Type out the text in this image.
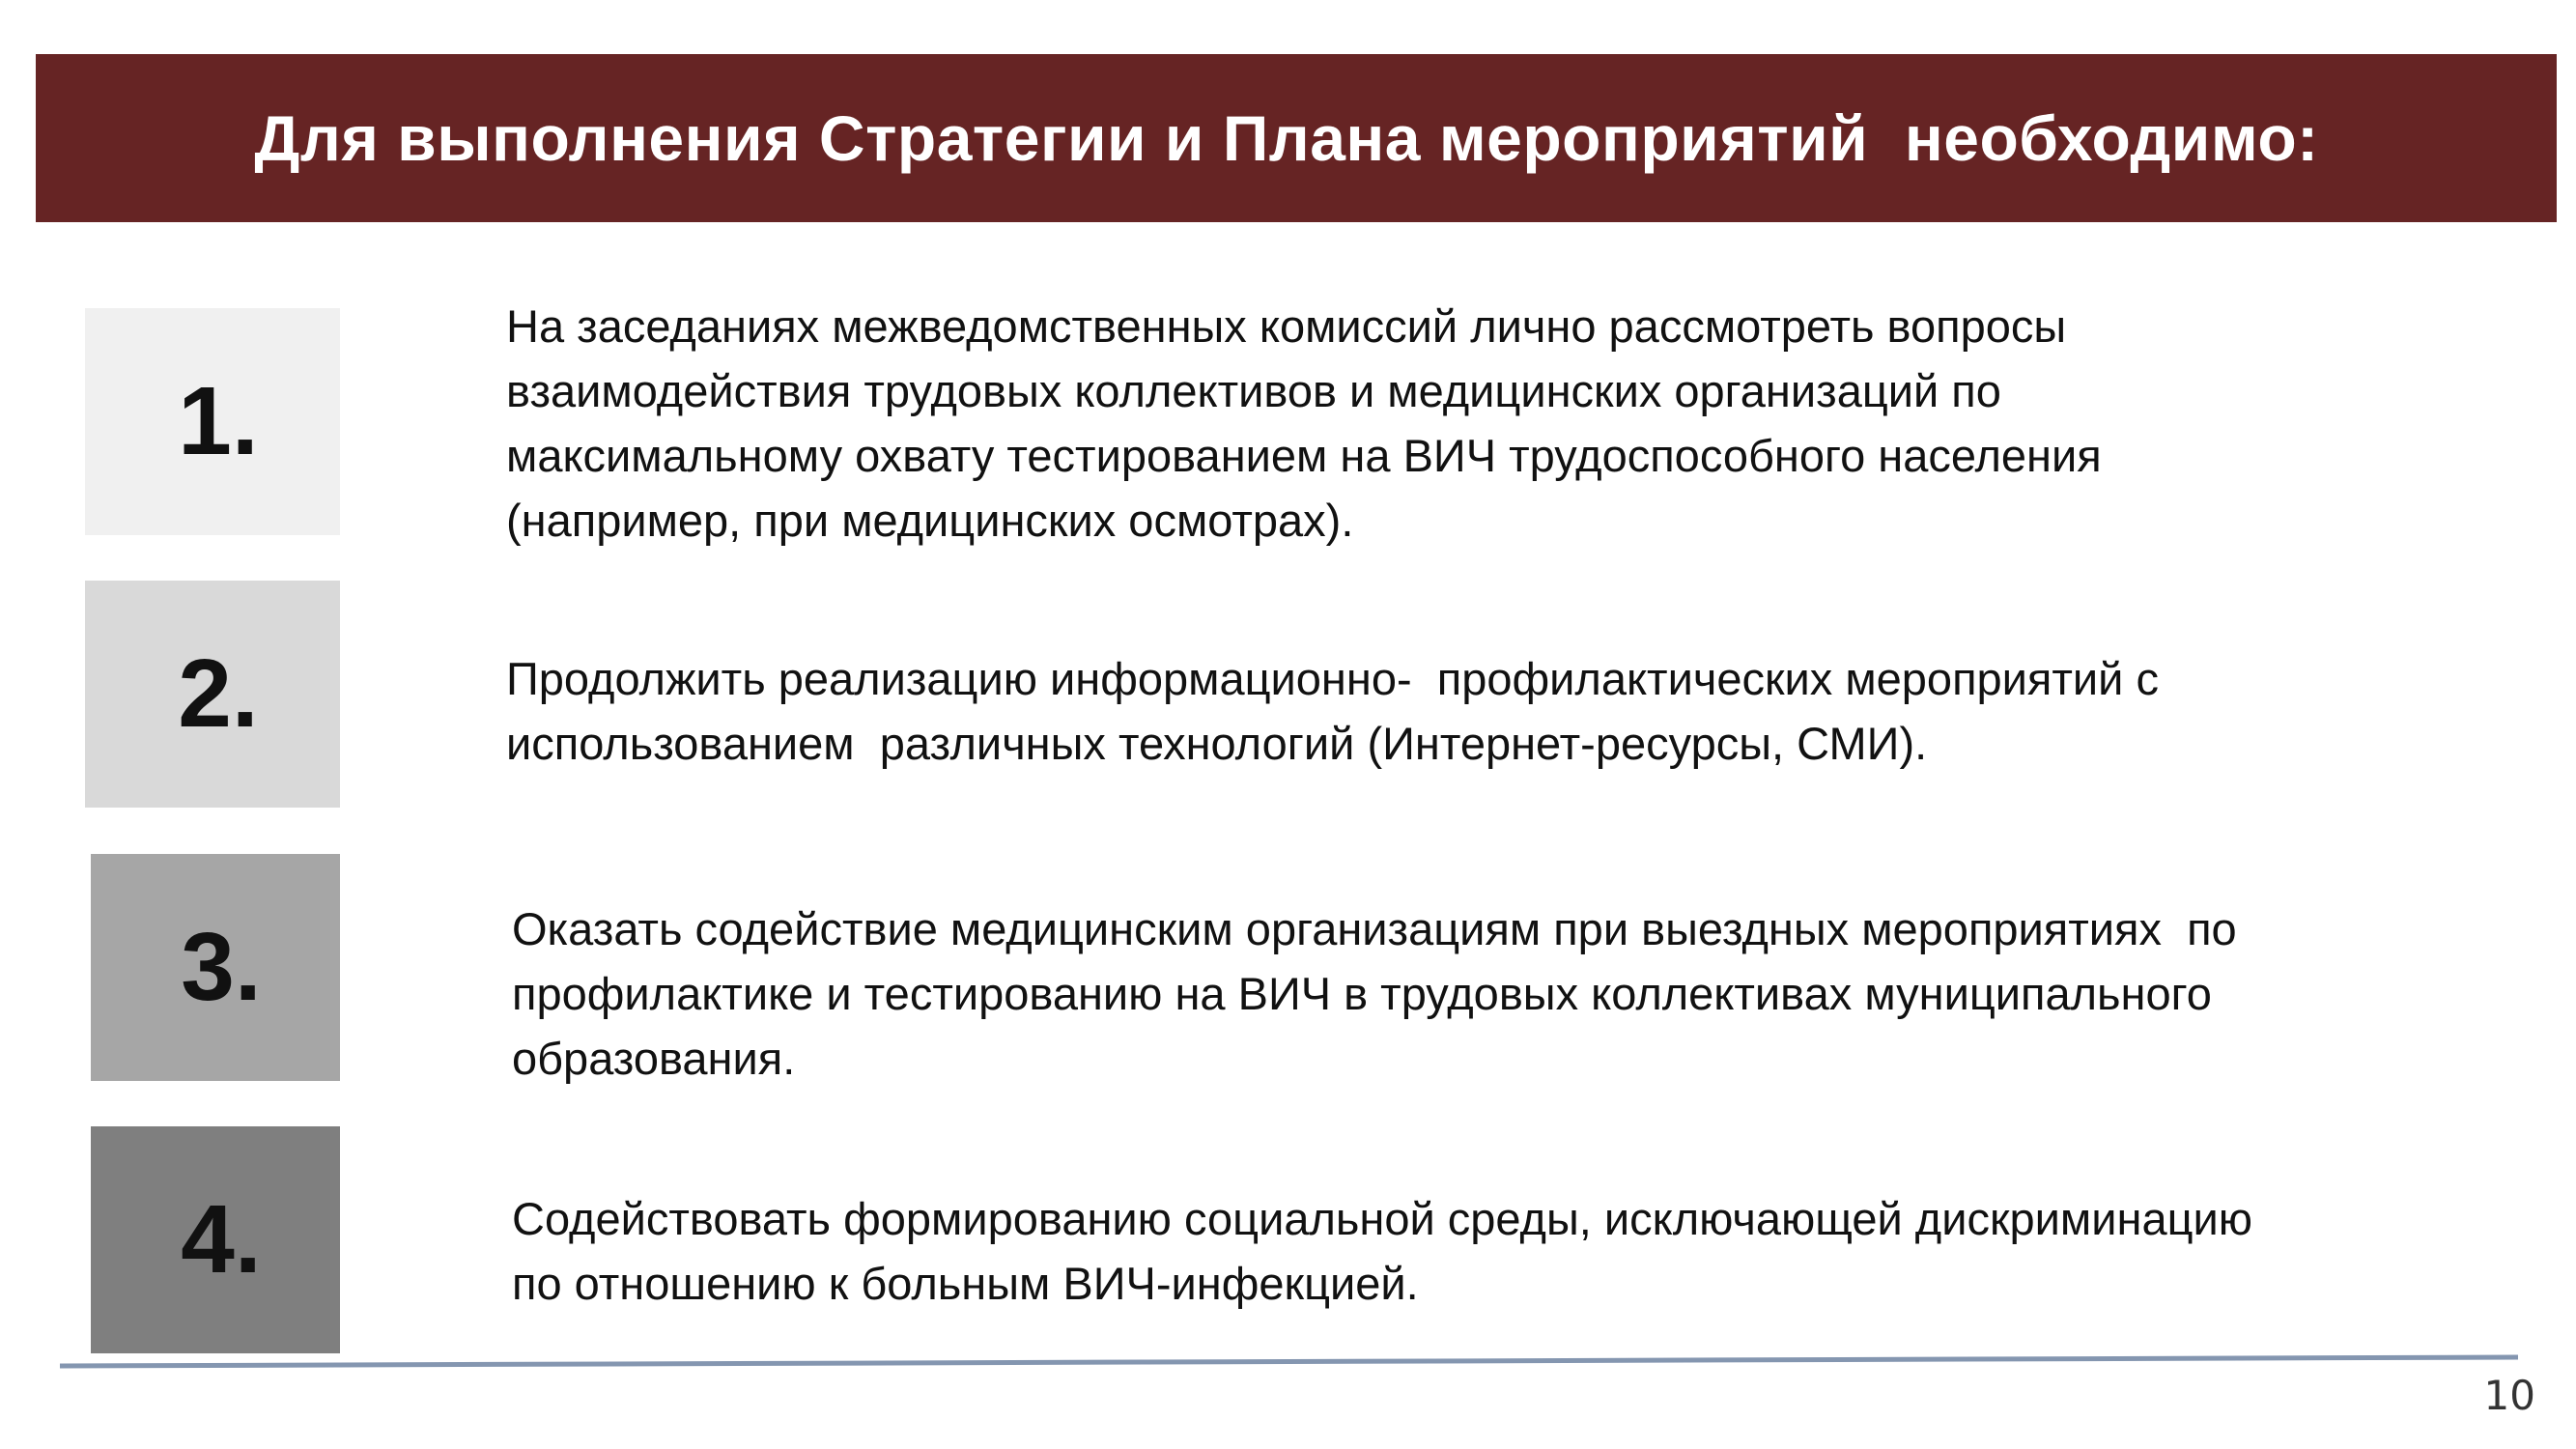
Для выполнения Стратегии и Плана мероприятий  необходимо:
1.
На заседаниях межведомственных комиссий лично рассмотреть вопросы
взаимодействия трудовых коллективов и медицинских организаций по
максимальному охвату тестированием на ВИЧ трудоспособного населения
(например, при медицинских осмотрах).
2.	Продолжить реализацию информационно-  профилактических мероприятий с
использованием  различных технологий (Интернет-ресурсы, СМИ).
3.	Оказать содействие медицинским организациям при выездных мероприятиях  по
профилактике и тестированию на ВИЧ в трудовых коллективах муниципального
образования.
4.	Содействовать формированию социальной среды, исключающей дискриминацию
по отношению к больным ВИЧ-инфекцией.
10
